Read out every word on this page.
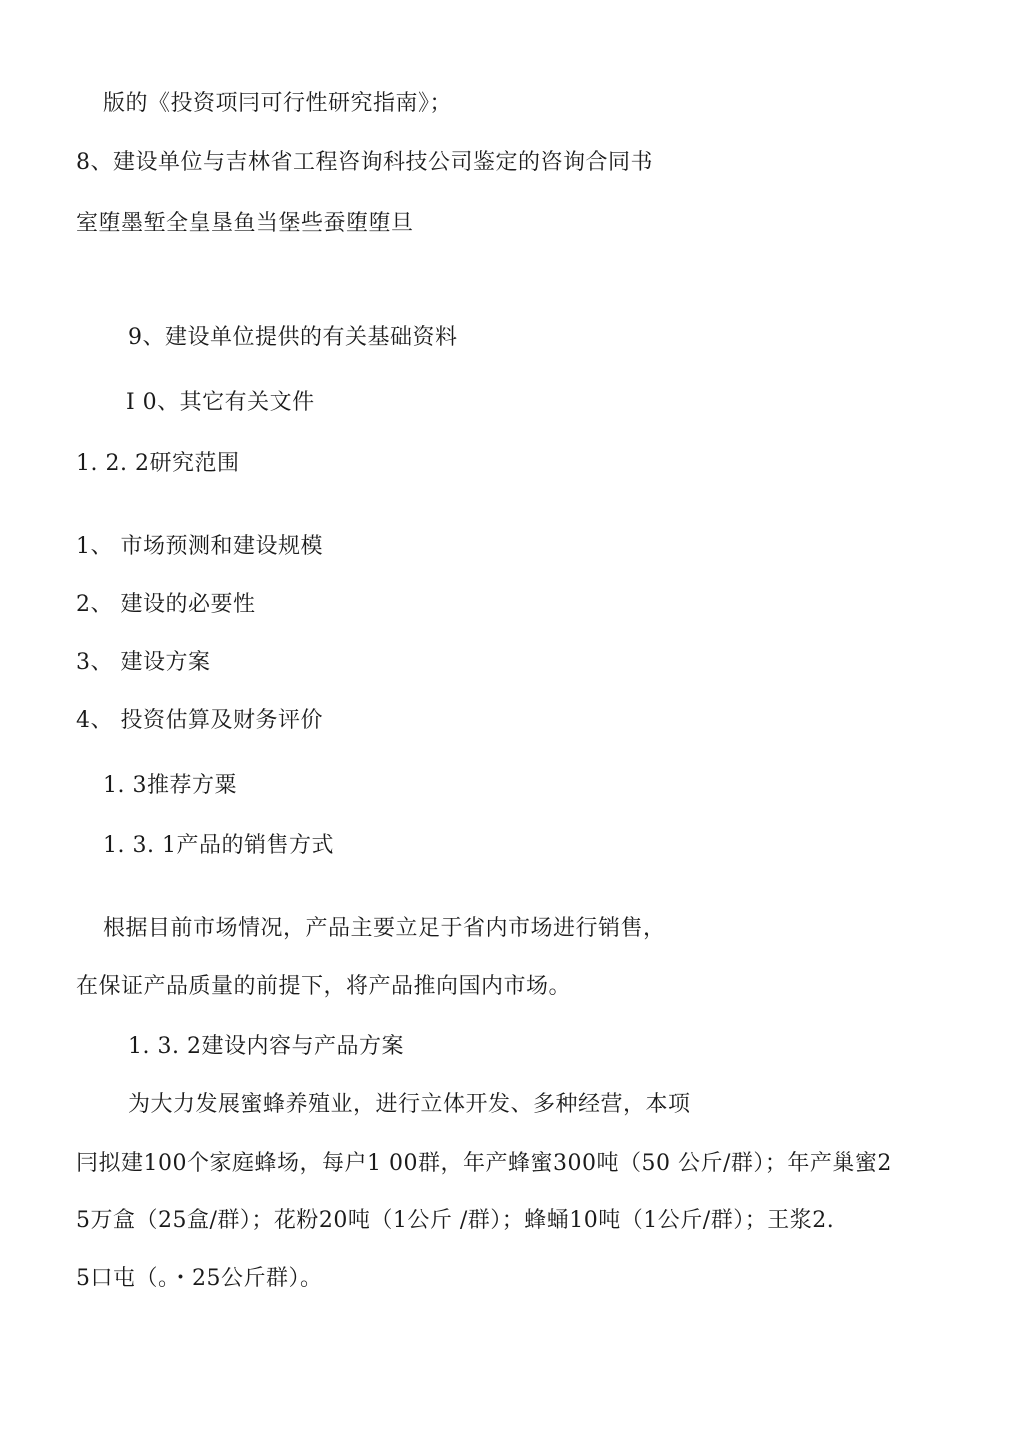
版的《投资项冃可行性研究指南》；
8、建设单位与吉林省工程咨询科技公司鉴定的咨询合同书
室堕墨堑全皇垦鱼当堡些蚕堕堕旦
9、建设单位提供的有关基础资料
I 0、其它有关文件
1. 2. 2研究范围
1、 市场预测和建设规模
2、 建设的必要性
3、 建设方案
4、 投资估算及财务评价
1. 3推荐方粟
1. 3. 1产品的销售方式
根据目前市场情况，产品主要立足于省内市场进行销售，
在保证产品质量的前提下，将产品推向国内市场。
1. 3. 2建设内容与产品方案
为大力发展蜜蜂养殖业，进行立体开发、多种经营，本项
冃拟建100个家庭蜂场，每户1 00群，年产蜂蜜300吨（50 公斤/群）；年产巢蜜2
5万盒（25盒/群）；花粉20吨（1公斤 /群）；蜂蛹10吨（1公斤/群）；王浆2.
5口屯（。・25公斤群）。
